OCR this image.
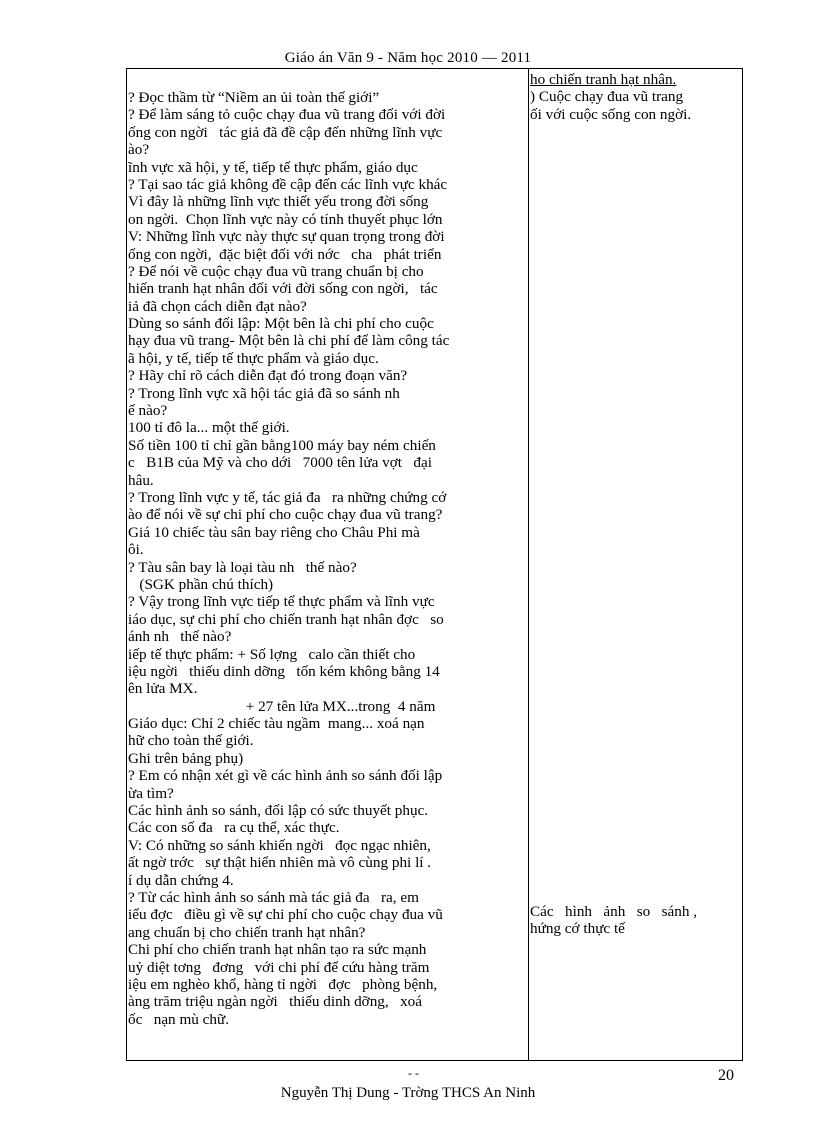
Giáo án Văn 9 - Năm học 2010 — 2011
? Đọc thầm từ “Niềm an ủi toàn thế giới”
? Để làm sáng tỏ cuộc chạy đua vũ trang đối với đời
ống con ngời   tác giả đã đề cập đến những lĩnh vực
ào?
ĩnh vực xã hội, y tế, tiếp tế thực phẩm, giáo dục
? Tại sao tác giả không đề cập đến các lĩnh vực khác
Vì đây là những lĩnh vực thiết yếu trong đời sống
on ngời.  Chọn lĩnh vực này có tính thuyết phục lớn
V: Những lĩnh vực này thực sự quan trọng trong đời
ống con ngời,  đặc biệt đối với nớc   cha   phát triển
? Để nói về cuộc chạy đua vũ trang chuẩn bị cho
hiến tranh hạt nhân đối với đời sống con ngời,   tác
iả đã chọn cách diễn đạt nào?
Dùng so sánh đối lập: Một bên là chi phí cho cuộc
hạy đua vũ trang- Một bên là chi phí để làm công tác
ã hội, y tế, tiếp tế thực phẩm và giáo dục.
? Hãy chỉ rõ cách diễn đạt đó trong đoạn văn?
? Trong lĩnh vực xã hội tác giả đã so sánh nh
ế nào?
100 tỉ đô la... một thế giới.
Số tiền 100 tỉ chỉ gần bằng100 máy bay ném chiến
c   B1B của Mỹ và cho dới   7000 tên lửa vợt   đại
hâu.
? Trong lĩnh vực y tế, tác giả đa   ra những chứng cớ
ào để nói về sự chi phí cho cuộc chạy đua vũ trang?
Giá 10 chiếc tàu sân bay riêng cho Châu Phi mà
ôi.
? Tàu sân bay là loại tàu nh   thế nào?
(SGK phần chú thích)
? Vậy trong lĩnh vực tiếp tế thực phẩm và lĩnh vực
iáo dục, sự chi phí cho chiến tranh hạt nhân đợc   so
ánh nh   thế nào?
iếp tế thực phẩm: + Số lợng   calo cần thiết cho
iệu ngời   thiếu dinh dỡng   tốn kém không bằng 14
ên lửa MX.
+ 27 tên lửa MX...trong  4 năm
Giáo dục: Chỉ 2 chiếc tàu ngầm  mang... xoá nạn
hữ cho toàn thế giới.
Ghi trên bảng phụ)
? Em có nhận xét gì về các hình ảnh so sánh đối lập
ừa tìm?
Các hình ảnh so sánh, đối lập có sức thuyết phục.
Các con số đa   ra cụ thể, xác thực.
V: Có những so sánh khiến ngời   đọc ngạc nhiên,
ất ngờ trớc   sự thật hiển nhiên mà vô cùng phi lí .
í dụ dẫn chứng 4.
? Từ các hình ảnh so sánh mà tác giả đa   ra, em
iểu đợc   điều gì về sự chi phí cho cuộc chạy đua vũ
ang chuẩn bị cho chiến tranh hạt nhân?
Chi phí cho chiến tranh hạt nhân tạo ra sức mạnh
uỷ diệt tơng   đơng   với chi phí để cứu hàng trăm
iệu em nghèo khổ, hàng tỉ ngời   đợc   phòng bệnh,
àng trăm triệu ngàn ngời   thiếu dinh dỡng,   xoá
ốc   nạn mù chữ.
ho chiến tranh hạt nhân.
) Cuộc chạy đua vũ trang
ối với cuộc sống con ngời.
Các   hình   ảnh   so   sánh ,
hứng cớ thực tế
- -	20
Nguyễn Thị Dung - Trờng THCS An Ninh
